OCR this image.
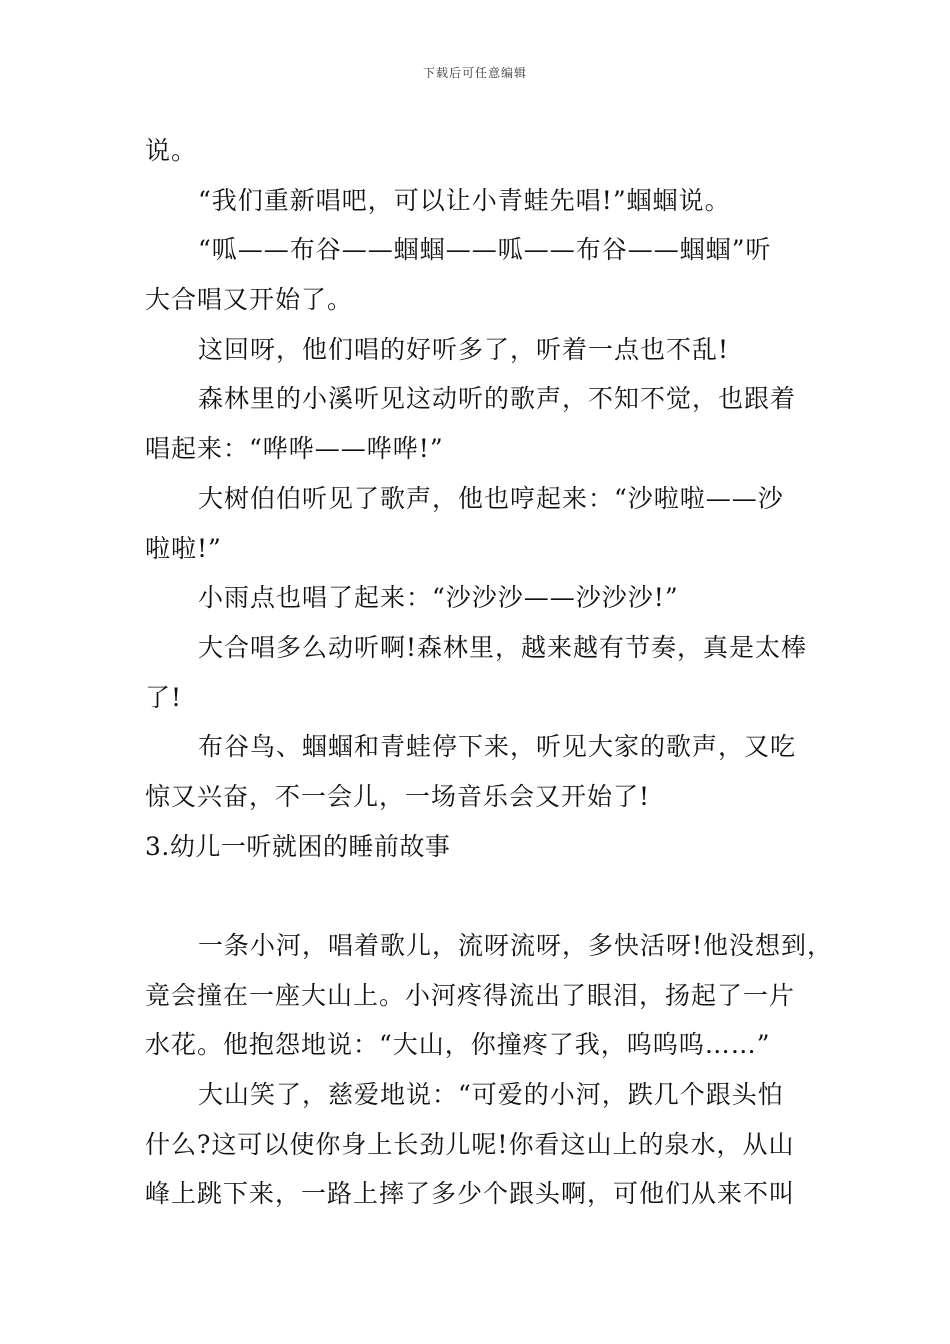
下载后可任意编辑
说。
“我们重新唱吧，可以让小青蛙先唱!”蝈蝈说。
“呱——布谷——蝈蝈——呱——布谷——蝈蝈”听
大合唱又开始了。
这回呀，他们唱的好听多了，听着一点也不乱!
森林里的小溪听见这动听的歌声，不知不觉，也跟着
唱起来：“哗哗——哗哗!”
大树伯伯听见了歌声，他也哼起来：“沙啦啦——沙
啦啦!”
小雨点也唱了起来：“沙沙沙——沙沙沙!”
大合唱多么动听啊!森林里，越来越有节奏，真是太棒
了!
布谷鸟、蝈蝈和青蛙停下来，听见大家的歌声，又吃
惊又兴奋，不一会儿，一场音乐会又开始了!
3.幼儿一听就困的睡前故事
一条小河，唱着歌儿，流呀流呀，多快活呀!他没想到，
竟会撞在一座大山上。小河疼得流出了眼泪，扬起了一片
水花。他抱怨地说：“大山，你撞疼了我，呜呜呜……”
大山笑了，慈爱地说：“可爱的小河，跌几个跟头怕
什么?这可以使你身上长劲儿呢!你看这山上的泉水，从山
峰上跳下来，一路上摔了多少个跟头啊，可他们从来不叫
